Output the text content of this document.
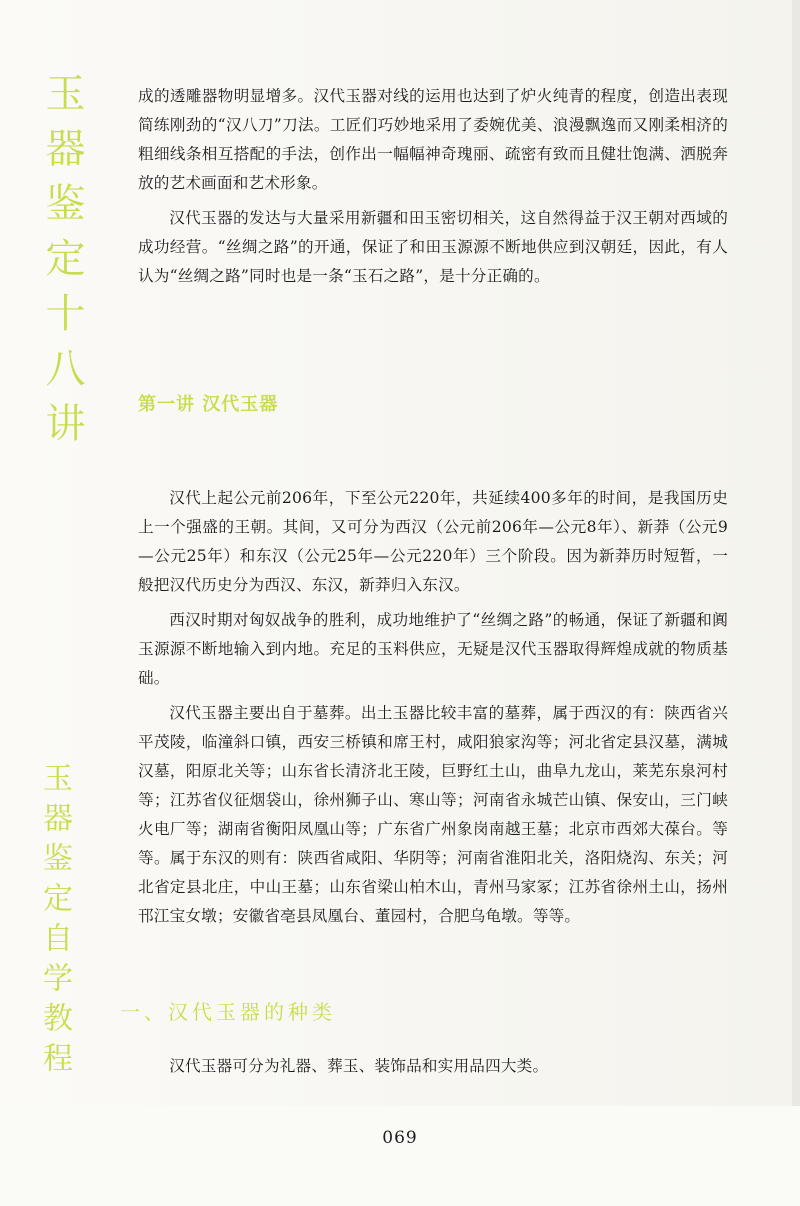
玉器鉴定十八讲
玉器鉴定自学教程

成的透雕器物明显增多。汉代玉器对线的运用也达到了炉火纯青的程度，创造出表现简练刚劲的“汉八刀”刀法。工匠们巧妙地采用了委婉优美、浪漫飘逸而又刚柔相济的粗细线条相互搭配的手法，创作出一幅幅神奇瑰丽、疏密有致而且健壮饱满、洒脱奔放的艺术画面和艺术形象。

汉代玉器的发达与大量采用新疆和田玉密切相关，这自然得益于汉王朝对西域的成功经营。“丝绸之路”的开通，保证了和田玉源源不断地供应到汉朝廷，因此，有人认为“丝绸之路”同时也是一条“玉石之路”，是十分正确的。

第一讲 汉代玉器

汉代上起公元前206年，下至公元220年，共延续400多年的时间，是我国历史上一个强盛的王朝。其间，又可分为西汉（公元前206年—公元8年）、新莽（公元9—公元25年）和东汉（公元25年—公元220年）三个阶段。因为新莽历时短暂，一般把汉代历史分为西汉、东汉，新莽归入东汉。

西汉时期对匈奴战争的胜利，成功地维护了“丝绸之路”的畅通，保证了新疆和阗玉源源不断地输入到内地。充足的玉料供应，无疑是汉代玉器取得辉煌成就的物质基础。

汉代玉器主要出自于墓葬。出土玉器比较丰富的墓葬，属于西汉的有：陕西省兴平茂陵，临潼斜口镇，西安三桥镇和席王村，咸阳狼家沟等；河北省定县汉墓，满城汉墓，阳原北关等；山东省长清济北王陵，巨野红土山，曲阜九龙山，莱芜东泉河村等；江苏省仪征烟袋山，徐州狮子山、寒山等；河南省永城芒山镇、保安山，三门峡火电厂等；湖南省衡阳凤凰山等；广东省广州象岗南越王墓；北京市西郊大葆台。等等。属于东汉的则有：陕西省咸阳、华阴等；河南省淮阳北关，洛阳烧沟、东关；河北省定县北庄，中山王墓；山东省梁山柏木山，青州马家冢；江苏省徐州土山，扬州邗江宝女墩；安徽省亳县凤凰台、董园村，合肥乌龟墩。等等。

一、汉代玉器的种类

汉代玉器可分为礼器、葬玉、装饰品和实用品四大类。

069
